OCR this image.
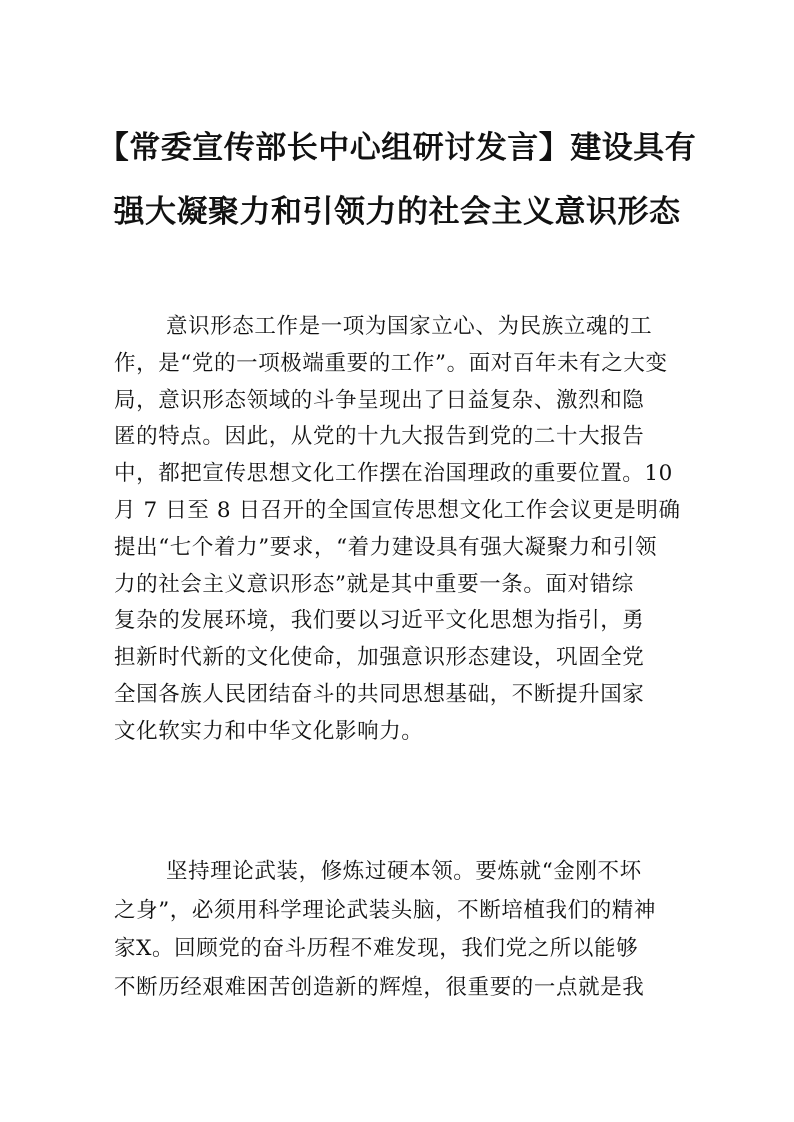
【常委宣传部长中心组研讨发言】建设具有
强大凝聚力和引领力的社会主义意识形态
意识形态工作是一项为国家立心、为民族立魂的工
作，是“党的一项极端重要的工作”。面对百年未有之大变
局，意识形态领域的斗争呈现出了日益复杂、激烈和隐
匿的特点。因此，从党的十九大报告到党的二十大报告
中，都把宣传思想文化工作摆在治国理政的重要位置。10
月 7 日至 8 日召开的全国宣传思想文化工作会议更是明确
提出“七个着力”要求，“着力建设具有强大凝聚力和引领
力的社会主义意识形态”就是其中重要一条。面对错综
复杂的发展环境，我们要以习近平文化思想为指引，勇
担新时代新的文化使命，加强意识形态建设，巩固全党
全国各族人民团结奋斗的共同思想基础，不断提升国家
文化软实力和中华文化影响力。
坚持理论武装，修炼过硬本领。要炼就“金刚不坏
之身”，必须用科学理论武装头脑，不断培植我们的精神
家X。回顾党的奋斗历程不难发现，我们党之所以能够
不断历经艰难困苦创造新的辉煌，很重要的一点就是我
